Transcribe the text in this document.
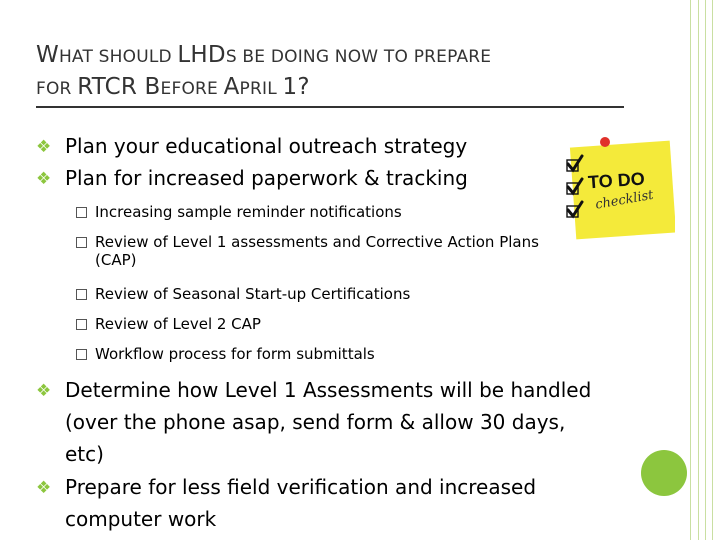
WHAT SHOULD LHDS BE DOING NOW TO PREPARE
FOR RTCR BEFORE APRIL 1?
❖ Plan your educational outreach strategy
❖ Plan for increased paperwork & tracking
Increasing sample reminder notifications
Review of Level 1 assessments and Corrective Action Plans
(CAP)
Review of Seasonal Start-up Certifications
Review of Level 2 CAP
Workflow process for form submittals
❖ Determine how Level 1 Assessments will be handled
(over the phone asap, send form & allow 30 days, etc)
❖ Prepare for less field verification and increased
computer work
TO DO
checklist
